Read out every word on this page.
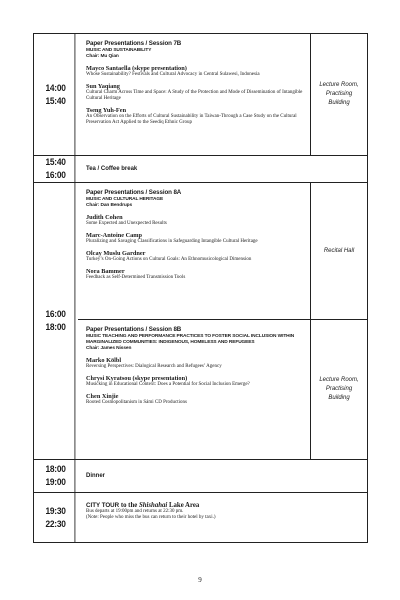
14:00
15:40
Paper Presentations / Session 7B
MUSIC AND SUSTAINABILITY
Chair: Mu Qian
Mayco Santaella (skype presentation)
Whose Sustainability? Festivals and Cultural Advocacy in Central Sulawesi, Indonesia
Sun Yaqiang
Cultural Charm Across Time and Space: A Study of the Protection and Mode of Dissemination of Intangible Cultural Heritage
Tseng Yuh-Fen
An Observation on the Efforts of Cultural Sustainability in Taiwan-Through a Case Study on the Cultural Preservation Act Applied to the Seediq Ethnic Group
Lecture Room,
Practising
Building
15:40
16:00
Tea / Coffee break
16:00
18:00
Paper Presentations / Session 8A
MUSIC AND CULTURAL HERITAGE
Chair: Dan Bendrups
Judith Cohen
Some Expected and Unexpected Results
Marc-Antoine Camp
Pluralizing and Savaging Classifications in Safeguarding Intangible Cultural Heritage
Olcay Muslu Gardner
Turkey’s On-Going Actions on Cultural Goals: An Ethnomusicological Dimension
Nora Bammer
Feedback as Self-Determined Transmission Tools
Recital Hall
Paper Presentations / Session 8B
MUSIC TEACHING AND PERFORMANCE PRACTICES TO FOSTER SOCIAL INCLUSION WITHIN
MARGINALIZED COMMUNITIES: INDIGENOUS, HOMELESS AND REFUGEES
Chair: James Nissen
Marko Kölbl
Reversing Perspectives: Dialogical Research and Refugees’ Agency
Chrysi Kyratsou (skype presentation)
Musicking in Educational Context: Does a Potential for Social Inclusion Emerge?
Chen Xinjie
Rooted Cosmopolitanism in Sámi CD Productions
Lecture Room,
Practising
Building
18:00
19:00
Dinner
19:30
22:30
CITY TOUR to the Shishahai Lake Area
Bus departs at 19:00pm and returns at 22:30 pm.
(Note: People who miss the bus can return to their hotel by taxi.)
9
